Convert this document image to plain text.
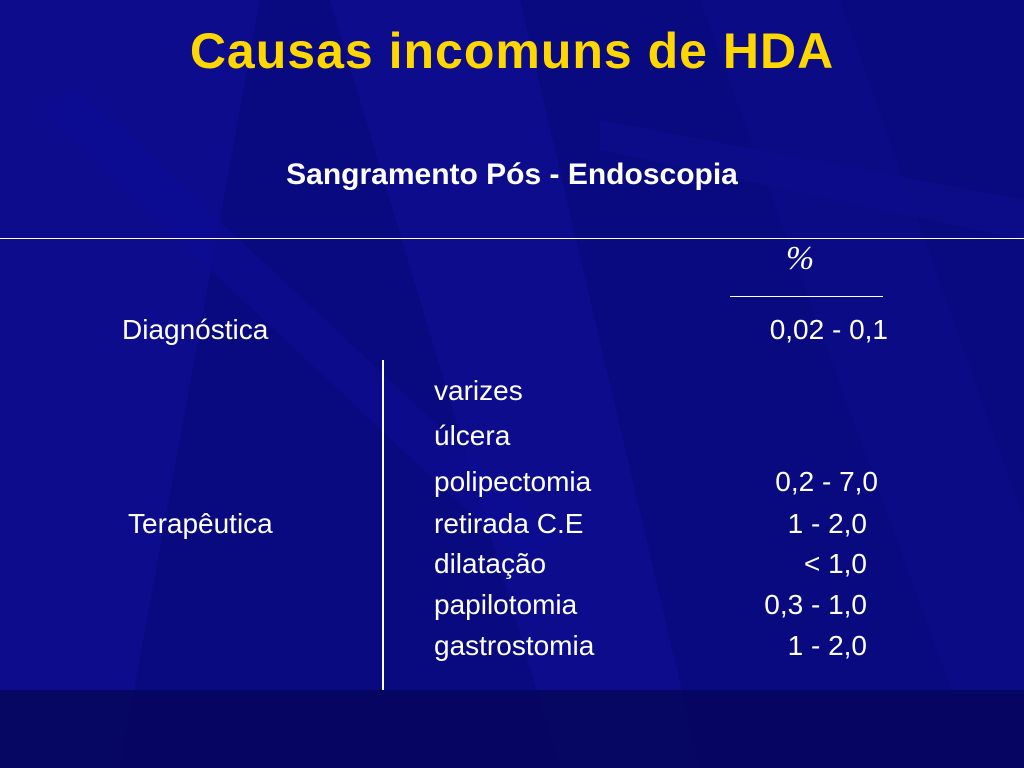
Causas incomuns de HDA
Sangramento Pós - Endoscopia
%
Diagnóstica	0,02 - 0,1
Terapêutica
varizes
úlcera
polipectomia
retirada C.E
dilatação
papilotomia
gastrostomia
0,2 - 7,0
1 - 2,0
< 1,0
0,3 - 1,0
1 - 2,0
